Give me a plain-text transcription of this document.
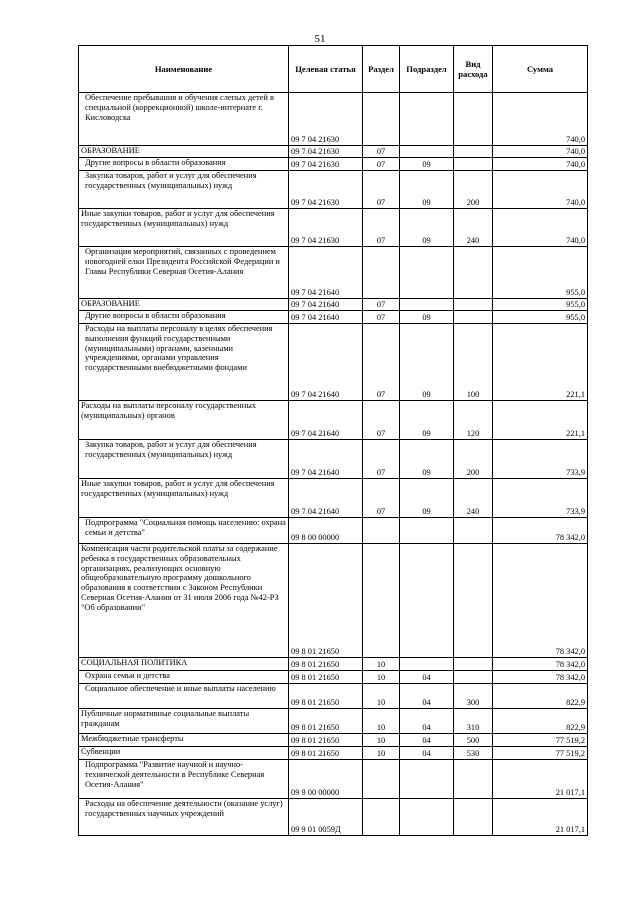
51
Наименование	Целевая статья	Раздел	Подраздел	Вид расхода	Сумма
Обеспечение пребывания и обучения слепых детей в специальной (коррекционной) школе-интернате г. Кисловодска	09 7 04 21630				740,0
ОБРАЗОВАНИЕ	09 7 04 21630	07			740,0
Другие вопросы в области образования	09 7 04 21630	07	09		740,0
Закупка товаров, работ и услуг для обеспечения государственных (муниципальных) нужд	09 7 04 21630	07	09	200	740,0
Иные закупки товаров, работ и услуг для обеспечения государственных (муниципальных) нужд	09 7 04 21630	07	09	240	740,0
Организация мероприятий, связанных с проведением новогодней елки Президента Российской Федерации и Главы Республики Северная Осетия-Алания	09 7 04 21640				955,0
ОБРАЗОВАНИЕ	09 7 04 21640	07			955,0
Другие вопросы в области образования	09 7 04 21640	07	09		955,0
Расходы на выплаты персоналу в целях обеспечения выполнения функций государственными (муниципальными) органами, казенными учреждениями, органами управления государственными внебюджетными фондами	09 7 04 21640	07	09	100	221,1
Расходы на выплаты персоналу государственных (муниципальных) органов	09 7 04 21640	07	09	120	221,1
Закупка товаров, работ и услуг для обеспечения государственных (муниципальных) нужд	09 7 04 21640	07	09	200	733,9
Иные закупки товаров, работ и услуг для обеспечения государственных (муниципальных) нужд	09 7 04 21640	07	09	240	733,9
Подпрограмма "Социальная помощь населению: охрана семьи и детства"	09 8 00 00000				78 342,0
Компенсация части родительской платы за содержание ребенка в государственных образовательных организациях, реализующих основную общеобразовательную программу дошкольного образования в соответствии с Законом Республики Северная Осетия-Алания от 31 июля 2006 года №42-РЗ "Об образовании"	09 8 01 21650				78 342,0
СОЦИАЛЬНАЯ ПОЛИТИКА	09 8 01 21650	10			78 342,0
Охрана семьи и детства	09 8 01 21650	10	04		78 342,0
Социальное обеспечение и иные выплаты населению	09 8 01 21650	10	04	300	822,9
Публичные нормативные социальные выплаты гражданам	09 8 01 21650	10	04	310	822,9
Межбюджетные трансферты	09 8 01 21650	10	04	500	77 519,2
Субвенции	09 8 01 21650	10	04	530	77 519,2
Подпрограмма "Развитие научной и научно-технической деятельности в Республике Северная Осетия-Алания"	09 9 00 00000				21 017,1
Расходы на обеспечение деятельности (оказание услуг) государственных научных учреждений	09 9 01 0059Д				21 017,1
